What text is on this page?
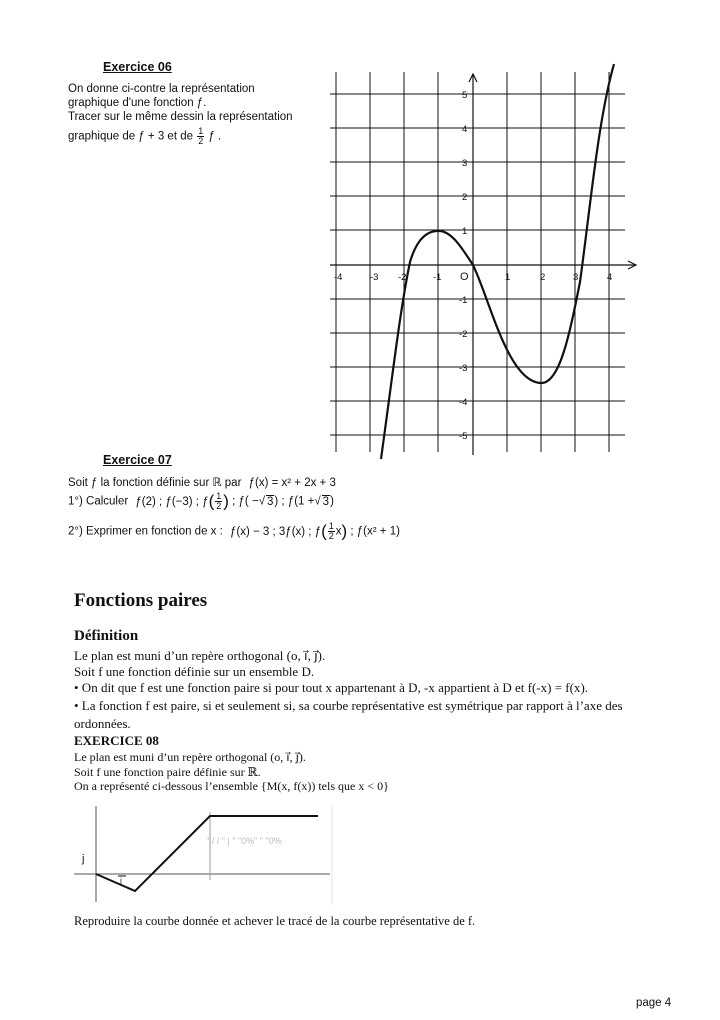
Exercice 06
On donne ci-contre la représentation
graphique d'une fonction ƒ.
Tracer sur le même dessin la représentation
graphique de ƒ + 3 et de $\frac{1}{2}$ ƒ .
-4	-3 -2	-1 O	1	2	3	4
5
4
3
2
1
-1
-2
-3
-4
-5
Exercice 07
Soit ƒ la fonction définie sur ℝ par ƒ(x) = x² + 2x + 3
1°) Calculer ƒ(2) ; ƒ(−3) ; ƒ( $\frac{1}{2}$ ) ; ƒ( −√ 3) ; ƒ(1 +√ 3)
2°) Exprimer en fonction de x : ƒ(x) − 3 ; 3ƒ(x) ; ƒ( $\frac{1}{2} x$) ; ƒ(x² + 1)
Fonctions paires
Définition
Le plan est muni d’un repère orthogonal (o, i⃗, j⃗).
Soit f une fonction définie sur un ensemble D.
• On dit que f est une fonction paire si pour tout x appartenant à D, -x appartient à D et f(-x) = f(x).
• La fonction f est paire, si et seulement si, sa courbe représentative est symétrique par rapport à l’axe des
ordonnées.
EXERCICE 08
Le plan est muni d’un repère orthogonal (o, i⃗, j⃗).
Soit f une fonction paire définie sur ℝ.
On a représenté ci-dessous l’ensemble {M(x, f(x)) tels que x < 0}
i
j
" / / " | " "0%" " "0%
Reproduire la courbe donnée et achever le tracé de la courbe représentative de f.
page 4
